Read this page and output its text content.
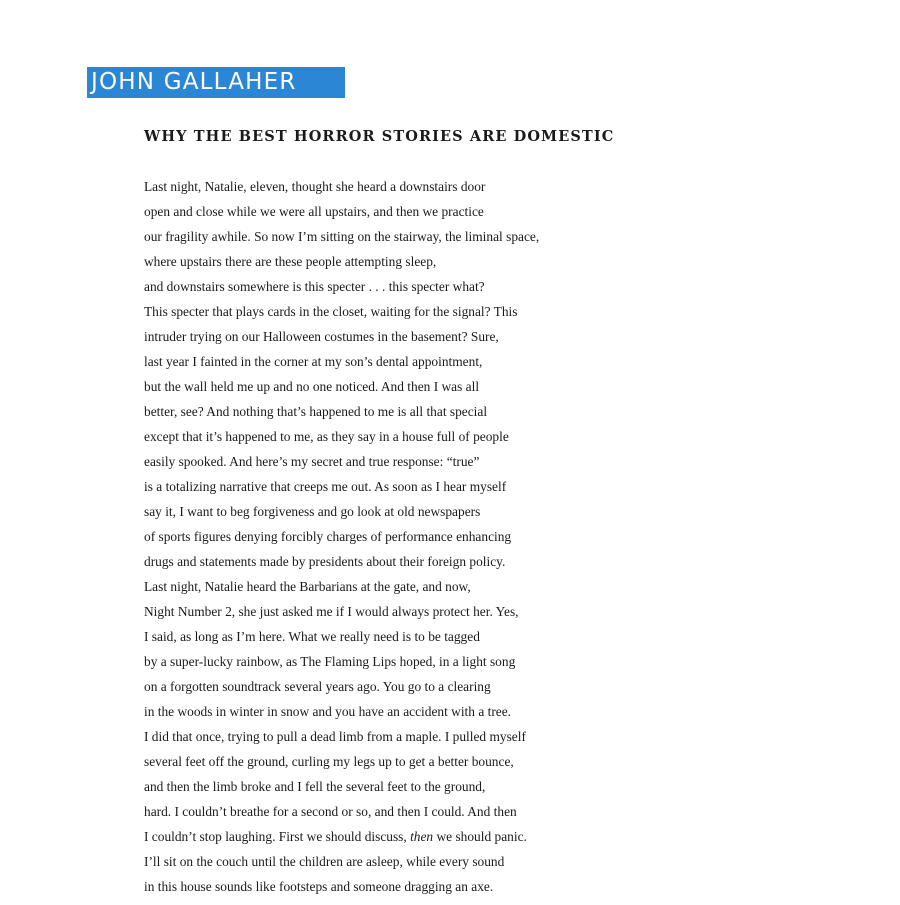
JOHN GALLAHER
WHY THE BEST HORROR STORIES ARE DOMESTIC
Last night, Natalie, eleven, thought she heard a downstairs door
open and close while we were all upstairs, and then we practice
our fragility awhile. So now I’m sitting on the stairway, the liminal space,
where upstairs there are these people attempting sleep,
and downstairs somewhere is this specter . . . this specter what?
This specter that plays cards in the closet, waiting for the signal? This
intruder trying on our Halloween costumes in the basement? Sure,
last year I fainted in the corner at my son’s dental appointment,
but the wall held me up and no one noticed. And then I was all
better, see? And nothing that’s happened to me is all that special
except that it’s happened to me, as they say in a house full of people
easily spooked. And here’s my secret and true response: “true”
is a totalizing narrative that creeps me out. As soon as I hear myself
say it, I want to beg forgiveness and go look at old newspapers
of sports figures denying forcibly charges of performance enhancing
drugs and statements made by presidents about their foreign policy.
Last night, Natalie heard the Barbarians at the gate, and now,
Night Number 2, she just asked me if I would always protect her. Yes,
I said, as long as I’m here. What we really need is to be tagged
by a super-lucky rainbow, as The Flaming Lips hoped, in a light song
on a forgotten soundtrack several years ago. You go to a clearing
in the woods in winter in snow and you have an accident with a tree.
I did that once, trying to pull a dead limb from a maple. I pulled myself
several feet off the ground, curling my legs up to get a better bounce,
and then the limb broke and I fell the several feet to the ground,
hard. I couldn’t breathe for a second or so, and then I could. And then
I couldn’t stop laughing. First we should discuss, then we should panic.
I’ll sit on the couch until the children are asleep, while every sound
in this house sounds like footsteps and someone dragging an axe.
